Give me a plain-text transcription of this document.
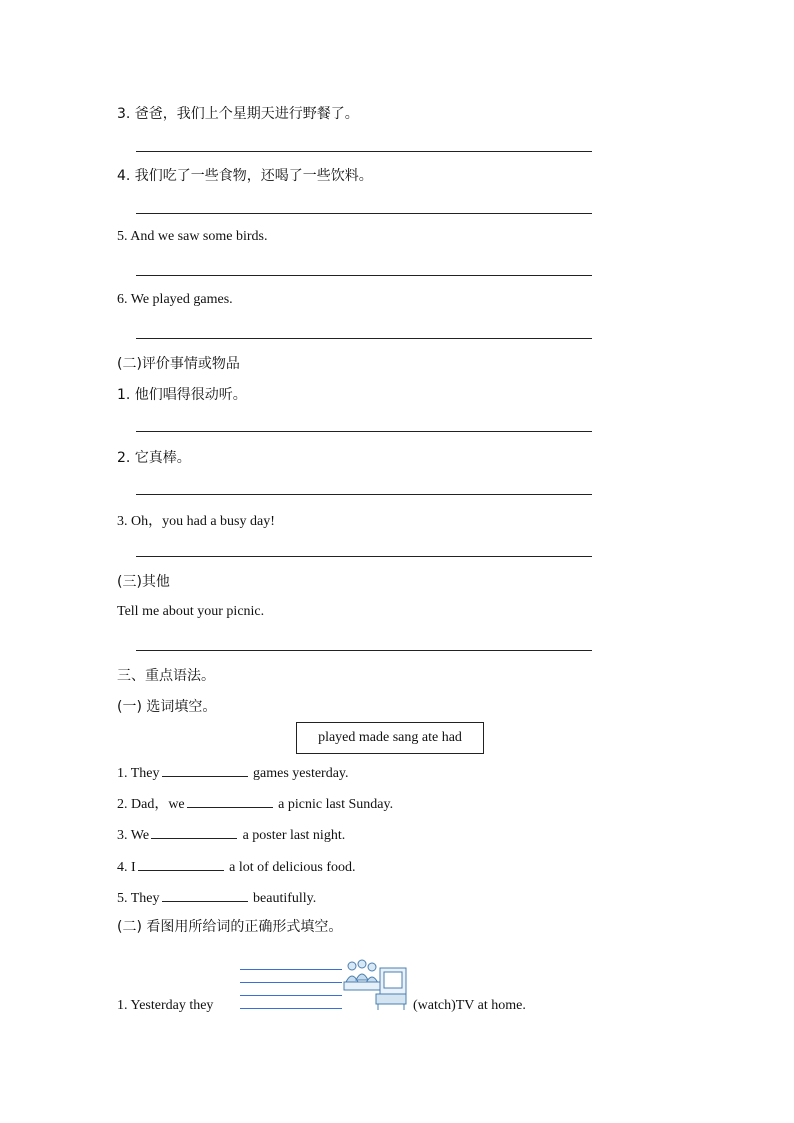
3. 爸爸，我们上个星期天进行野餐了。
4. 我们吃了一些食物，还喝了一些饮料。
5. And we saw some birds.
6. We played games.
(二)评价事情或物品
1. 他们唱得很动听。
2. 它真棒。
3. Oh，you had a busy day!
(三)其他
Tell me about your picnic.
三、重点语法。
(一) 选词填空。
played made sang ate had
1. They	games yesterday.
2. Dad，we	a picnic last Sunday.
3. We	a poster last night.
4. I	a lot of delicious food.
5. They	beautifully.
(二) 看图用所给词的正确形式填空。
1. Yesterday they	(watch)TV at home.
